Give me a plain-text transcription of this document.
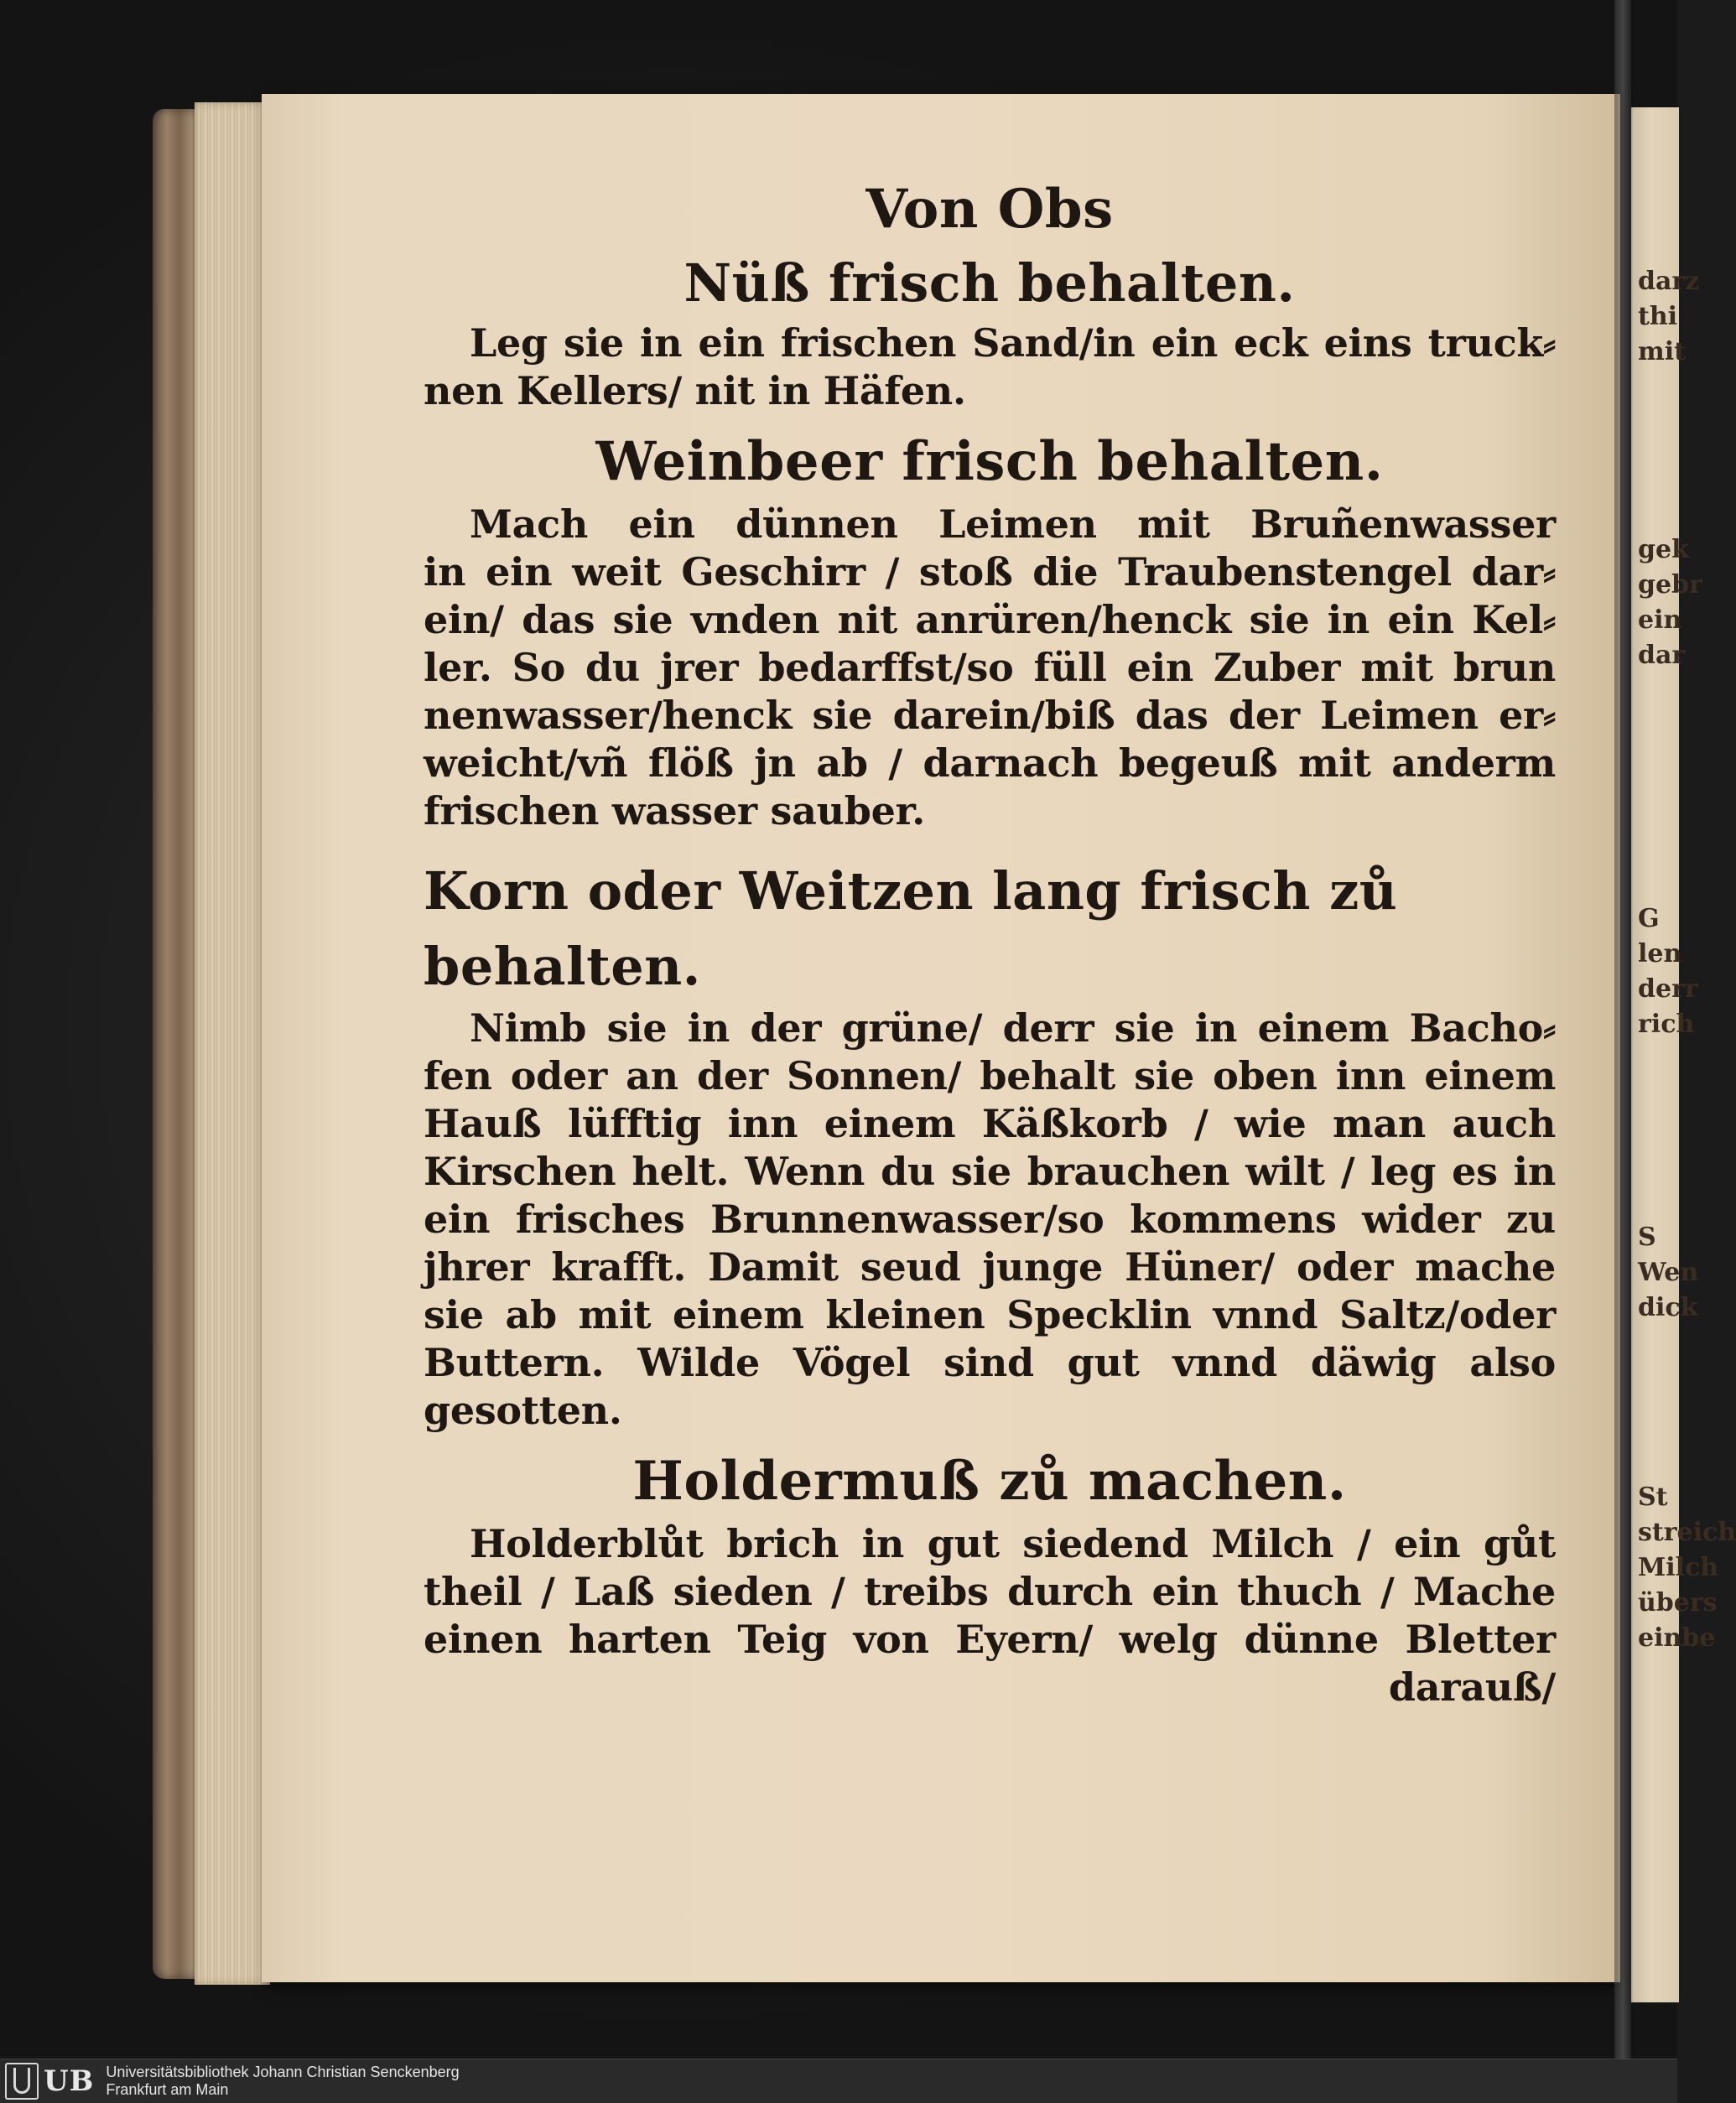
darz
thi
mit
gek
gebr
ein
dar
G
len
derr
rich
S
Wen
dick
St
streich
Milch
übers
einbe

Von Obs

Nüß frisch behalten.

Leg sie in ein frischen Sand/in ein eck eins truck⸗

nen Kellers/ nit in Häfen.

Weinbeer frisch behalten.

Mach ein dünnen Leimen mit Bruñenwasser

in ein weit Geschirr / stoß die Traubenstengel dar⸗

ein/ das sie vnden nit anrüren/henck sie in ein Kel⸗

ler. So du jrer bedarffst/so füll ein Zuber mit brun

nenwasser/henck sie darein/biß das der Leimen er⸗

weicht/vñ flöß jn ab / darnach begeuß mit anderm

frischen wasser sauber.

Korn oder Weitzen lang frisch zů behalten.

Nimb sie in der grüne/ derr sie in einem Bacho⸗

fen oder an der Sonnen/ behalt sie oben inn einem

Hauß lüfftig inn einem Käßkorb / wie man auch

Kirschen helt. Wenn du sie brauchen wilt / leg es in

ein frisches Brunnenwasser/so kommens wider zu

jhrer krafft. Damit seud junge Hüner/ oder mache

sie ab mit einem kleinen Specklin vnnd Saltz/oder

Buttern. Wilde Vögel sind gut vnnd däwig also

gesotten.

Holdermuß zů machen.

Holderblůt brich in gut siedend Milch / ein gůt

theil / Laß sieden / treibs durch ein thuch / Mache

einen harten Teig von Eyern/ welg dünne Bletter

darauß/

UB Universitätsbibliothek Johann Christian Senckenberg
Frankfurt am Main
